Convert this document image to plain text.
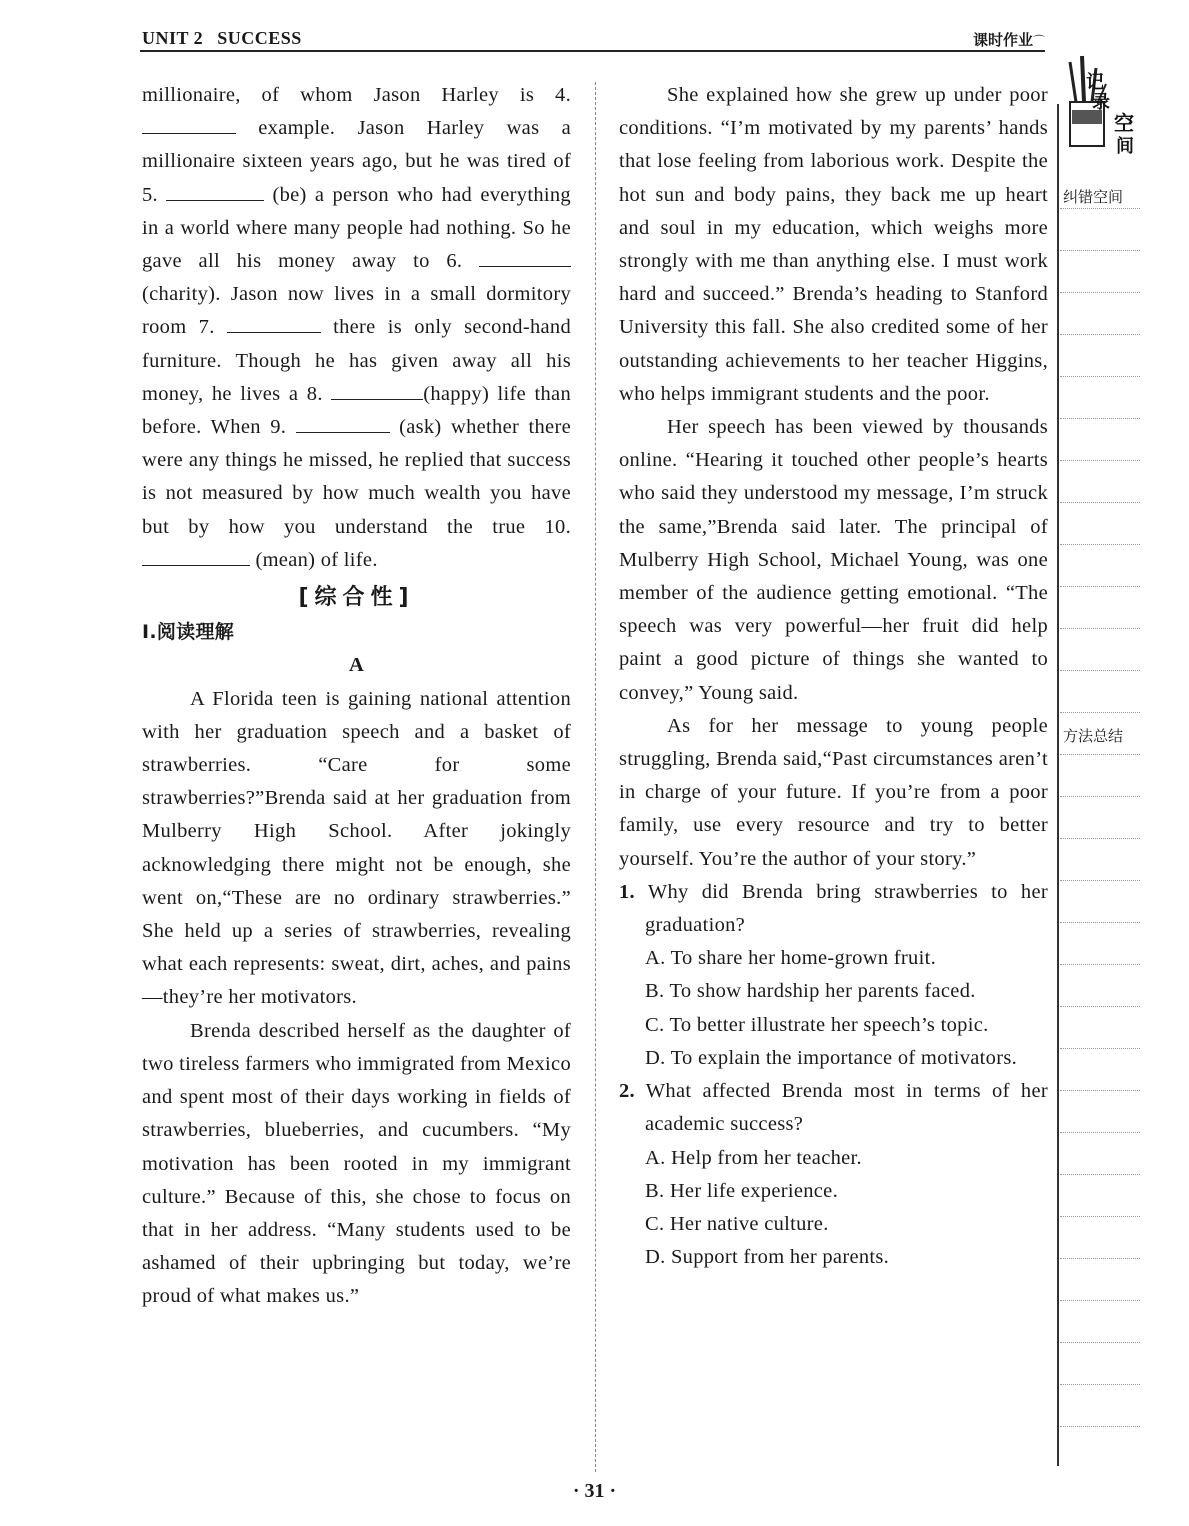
UNIT 2 SUCCESS	课时作业⌒
记
录
空
间
纠错空间
方法总结

millionaire, of whom Jason Harley is 4.  example. Jason Harley was a millionaire sixteen years ago, but he was tired of 5.	(be) a person who had everything in a world where many people had nothing. So he gave all his money away to 6.  (charity). Jason now lives in a small dormitory room 7.	there is only second-hand furniture. Though he has given away all his money, he lives a 8.	(happy) life than before. When 9.	(ask) whether there were any things he missed, he replied that success is not measured by how much wealth you have but by how you understand the true 10.  (mean) of life.

[综合性]
Ⅰ.阅读理解
A

A Florida teen is gaining national attention with her graduation speech and a basket of strawberries. “Care for some strawberries?”Brenda said at her graduation from Mulberry High School. After jokingly acknowledging there might not be enough, she went on,“These are no ordinary strawberries.” She held up a series of strawberries, revealing what each represents: sweat, dirt, aches, and pains—they’re her motivators.

Brenda described herself as the daughter of two tireless farmers who immigrated from Mexico and spent most of their days working in fields of strawberries, blueberries, and cucumbers. “My motivation has been rooted in my immigrant culture.” Because of this, she chose to focus on that in her address. “Many students used to be ashamed of their upbringing but today, we’re proud of what makes us.”

She explained how she grew up under poor conditions. “I’m motivated by my parents’ hands that lose feeling from laborious work. Despite the hot sun and body pains, they back me up heart and soul in my education, which weighs more strongly with me than anything else. I must work hard and succeed.” Brenda’s heading to Stanford University this fall. She also credited some of her outstanding achievements to her teacher Higgins, who helps immigrant students and the poor.

Her speech has been viewed by thousands online. “Hearing it touched other people’s hearts who said they understood my message, I’m struck the same,”Brenda said later. The principal of Mulberry High School, Michael Young, was one member of the audience getting emotional. “The speech was very powerful—her fruit did help paint a good picture of things she wanted to convey,” Young said.

As for her message to young people struggling, Brenda said,“Past circumstances aren’t in charge of your future. If you’re from a poor family, use every resource and try to better yourself. You’re the author of your story.”

1. Why did Brenda bring strawberries to her graduation?

A. To share her home-grown fruit.

B. To show hardship her parents faced.

C. To better illustrate her speech’s topic.

D. To explain the importance of motivators.

2. What affected Brenda most in terms of her academic success?

A. Help from her teacher.

B. Her life experience.

C. Her native culture.

D. Support from her parents.

· 31 ·
